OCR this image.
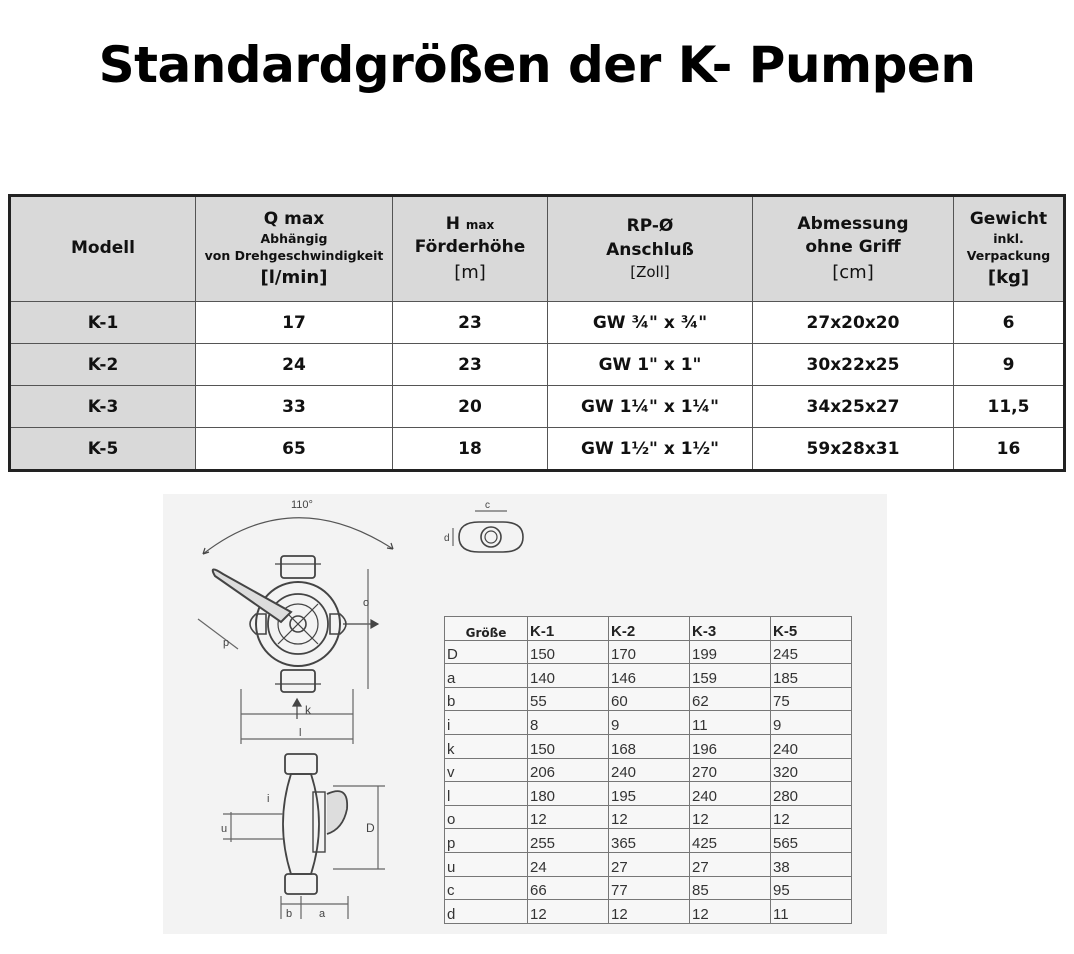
Standardgrößen der K- Pumpen
Modell	Q max
Abhängig
von Drehgeschwindigkeit
[l/min]	H max
Förderhöhe
[m]	RP-Ø
Anschluß
[Zoll]	Abmessung
ohne Griff
[cm]	Gewicht
inkl.
Verpackung
[kg]

K-1	17	23	GW ¾" x ¾"	27x20x20	6
K-2	24	23	GW 1" x 1"	30x22x25	9
K-3	33	20	GW 1¼" x 1¼"	34x25x27	11,5
K-5	65	18	GW 1½" x 1½"	59x28x31	16
110°
p
o
k
l
c
d
u
i
D
b a
Größe	K-1	K-2	K-3	K-5
D	150	170	199	245
a	140	146	159	185
b	55	60	62	75
i	8	9	11	9
k	150	168	196	240
v	206	240	270	320
l	180	195	240	280
o	12	12	12	12
p	255	365	425	565
u	24	27	27	38
c	66	77	85	95
d	12	12	12	11
